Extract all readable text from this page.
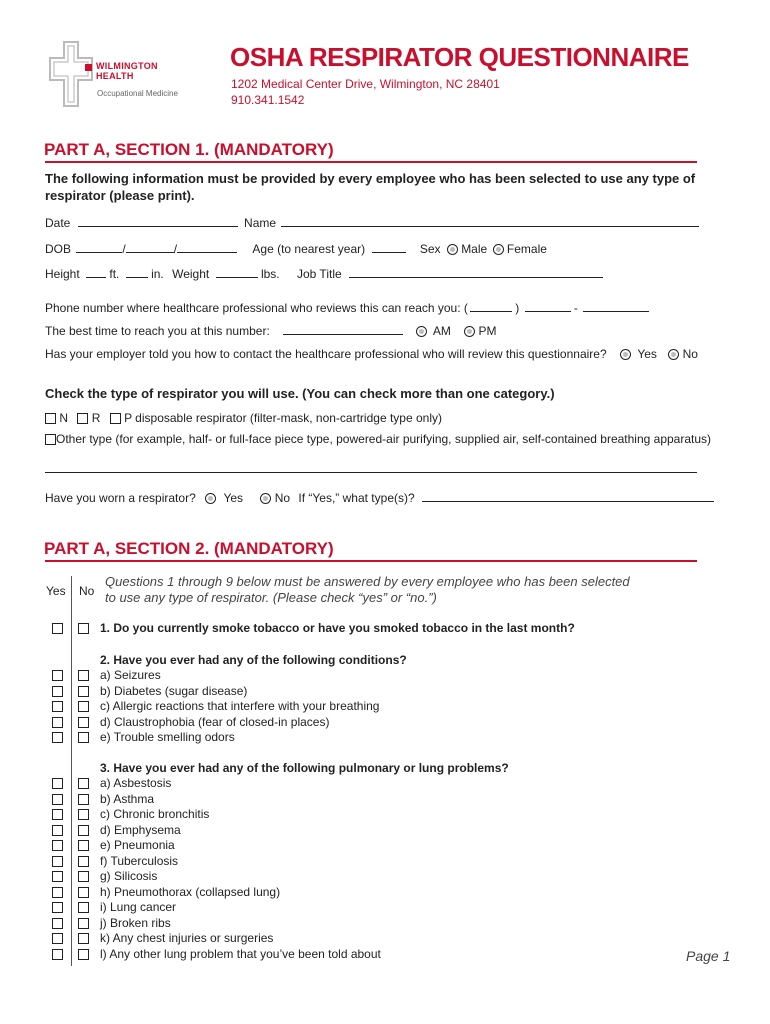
WILMINGTON
HEALTH
Occupational Medicine
OSHA RESPIRATOR QUESTIONNAIRE
1202 Medical Center Drive, Wilmington, NC 28401
910.341.1542
PART A, SECTION 1. (MANDATORY)
The following information must be provided by every employee who has been selected to use any type of
respirator (please print).
Date	Name
DOB	/	/	Age (to nearest year)	Sex Male Female
Height ft.	in. Weight	lbs. Job Title
Phone number where healthcare professional who reviews this can reach you: (	)	-
The best time to reach you at this number:	AM PM
Has your employer told you how to contact the healthcare professional who will review this questionnaire?	Yes No
Check the type of respirator you will use. (You can check more than one category.)
N R P disposable respirator (filter-mask, non-cartridge type only)
Other type (for example, half- or full-face piece type, powered-air purifying, supplied air, self-contained breathing apparatus)
Have you worn a respirator? Yes	No If “Yes,” what type(s)?
PART A, SECTION 2. (MANDATORY)
Yes No
Questions 1 through 9 below must be answered by every employee who has been selected
to use any type of respirator. (Please check “yes” or “no.”)
1. Do you currently smoke tobacco or have you smoked tobacco in the last month?
2. Have you ever had any of the following conditions?
a) Seizures
b) Diabetes (sugar disease)
c) Allergic reactions that interfere with your breathing
d) Claustrophobia (fear of closed-in places)
e) Trouble smelling odors
3. Have you ever had any of the following pulmonary or lung problems?
a) Asbestosis
b) Asthma
c) Chronic bronchitis
d) Emphysema
e) Pneumonia
f) Tuberculosis
g) Silicosis
h) Pneumothorax (collapsed lung)
i) Lung cancer
j) Broken ribs
k) Any chest injuries or surgeries
l) Any other lung problem that you’ve been told about	Page 1
